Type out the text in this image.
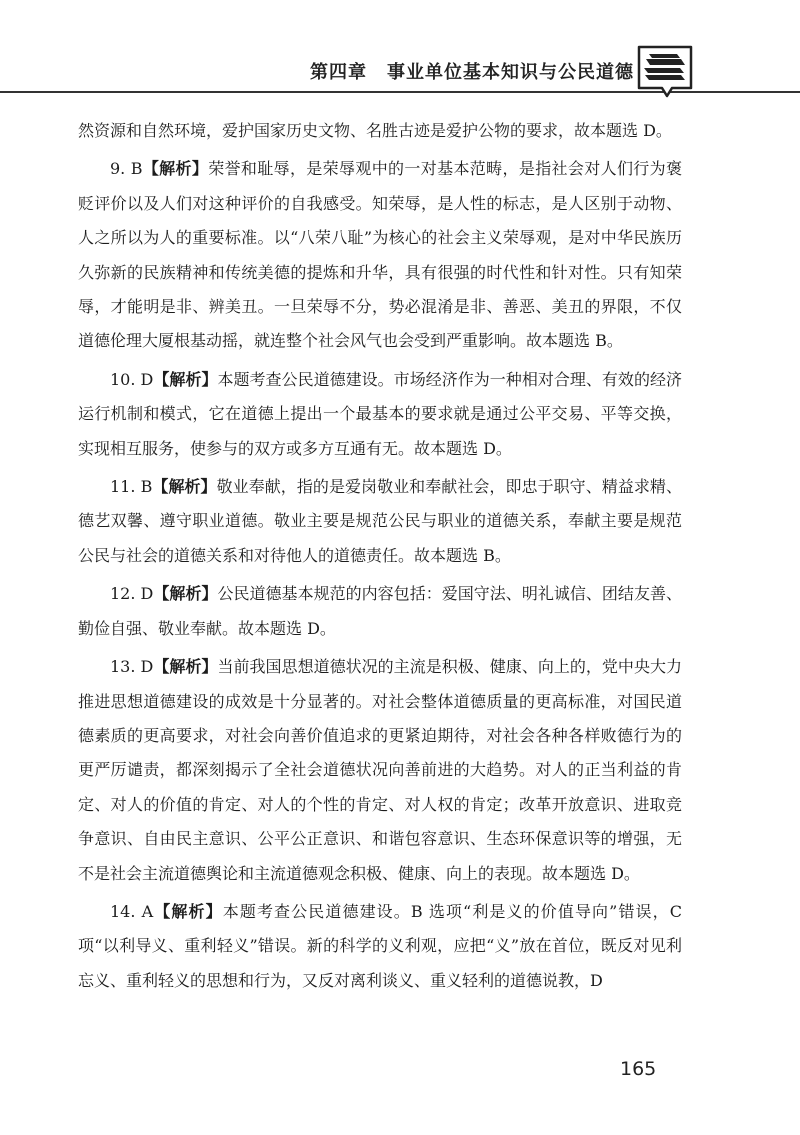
第四章 事业单位基本知识与公民道德

然资源和自然环境，爱护国家历史文物、名胜古迹是爱护公物的要求，故本题选 D。

9. B【解析】荣誉和耻辱，是荣辱观中的一对基本范畴，是指社会对人们行为褒贬评价以及人们对这种评价的自我感受。知荣辱，是人性的标志，是人区别于动物、人之所以为人的重要标准。以“八荣八耻”为核心的社会主义荣辱观，是对中华民族历久弥新的民族精神和传统美德的提炼和升华，具有很强的时代性和针对性。只有知荣辱，才能明是非、辨美丑。一旦荣辱不分，势必混淆是非、善恶、美丑的界限，不仅道德伦理大厦根基动摇，就连整个社会风气也会受到严重影响。故本题选 B。

10. D【解析】本题考查公民道德建设。市场经济作为一种相对合理、有效的经济运行机制和模式，它在道德上提出一个最基本的要求就是通过公平交易、平等交换，实现相互服务，使参与的双方或多方互通有无。故本题选 D。

11. B【解析】敬业奉献，指的是爱岗敬业和奉献社会，即忠于职守、精益求精、德艺双馨、遵守职业道德。敬业主要是规范公民与职业的道德关系，奉献主要是规范公民与社会的道德关系和对待他人的道德责任。故本题选 B。

12. D【解析】公民道德基本规范的内容包括：爱国守法、明礼诚信、团结友善、勤俭自强、敬业奉献。故本题选 D。

13. D【解析】当前我国思想道德状况的主流是积极、健康、向上的，党中央大力推进思想道德建设的成效是十分显著的。对社会整体道德质量的更高标准，对国民道德素质的更高要求，对社会向善价值追求的更紧迫期待，对社会各种各样败德行为的更严厉谴责，都深刻揭示了全社会道德状况向善前进的大趋势。对人的正当利益的肯定、对人的价值的肯定、对人的个性的肯定、对人权的肯定；改革开放意识、进取竞争意识、自由民主意识、公平公正意识、和谐包容意识、生态环保意识等的增强，无不是社会主流道德舆论和主流道德观念积极、健康、向上的表现。故本题选 D。

14. A【解析】本题考查公民道德建设。B 选项“利是义的价值导向”错误，C 项“以利导义、重利轻义”错误。新的科学的义利观，应把“义”放在首位，既反对见利忘义、重利轻义的思想和行为，又反对离利谈义、重义轻利的道德说教，D

165
